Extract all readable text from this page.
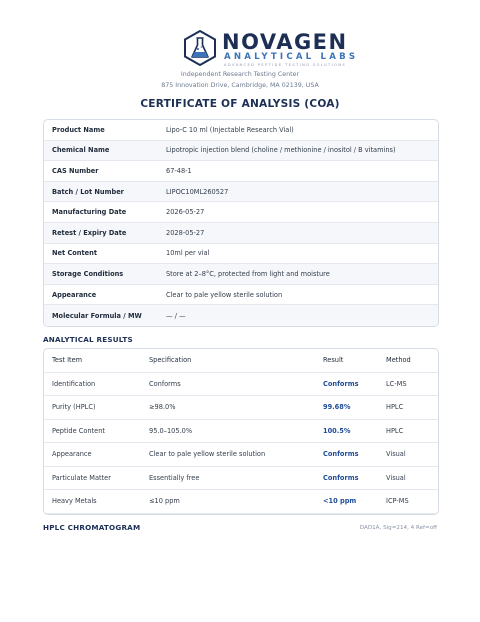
NOVAGEN
ANALYTICAL LABS
ADVANCED PEPTIDE TESTING SOLUTIONS
Independent Research Testing Center
875 Innovation Drive, Cambridge, MA 02139, USA
CERTIFICATE OF ANALYSIS (COA)
Product Name	Lipo-C 10 ml (Injectable Research Vial)
Chemical Name	Lipotropic injection blend (choline / methionine / inositol / B vitamins)
CAS Number	67-48-1
Batch / Lot Number	LIPOC10ML260527
Manufacturing Date	2026-05-27
Retest / Expiry Date	2028-05-27
Net Content	10ml per vial
Storage Conditions	Store at 2–8°C, protected from light and moisture
Appearance	Clear to pale yellow sterile solution
Molecular Formula / MW	— / —
ANALYTICAL RESULTS
Test Item	Specification	Result	Method
Identification	Conforms	Conforms	LC-MS
Purity (HPLC)	≥98.0%	99.68%	HPLC
Peptide Content	95.0–105.0%	100.5%	HPLC
Appearance	Clear to pale yellow sterile solution	Conforms	Visual
Particulate Matter	Essentially free	Conforms	Visual
Heavy Metals	≤10 ppm	<10 ppm	ICP-MS
HPLC CHROMATOGRAM	DAD1A, Sig=214, 4 Ref=off
